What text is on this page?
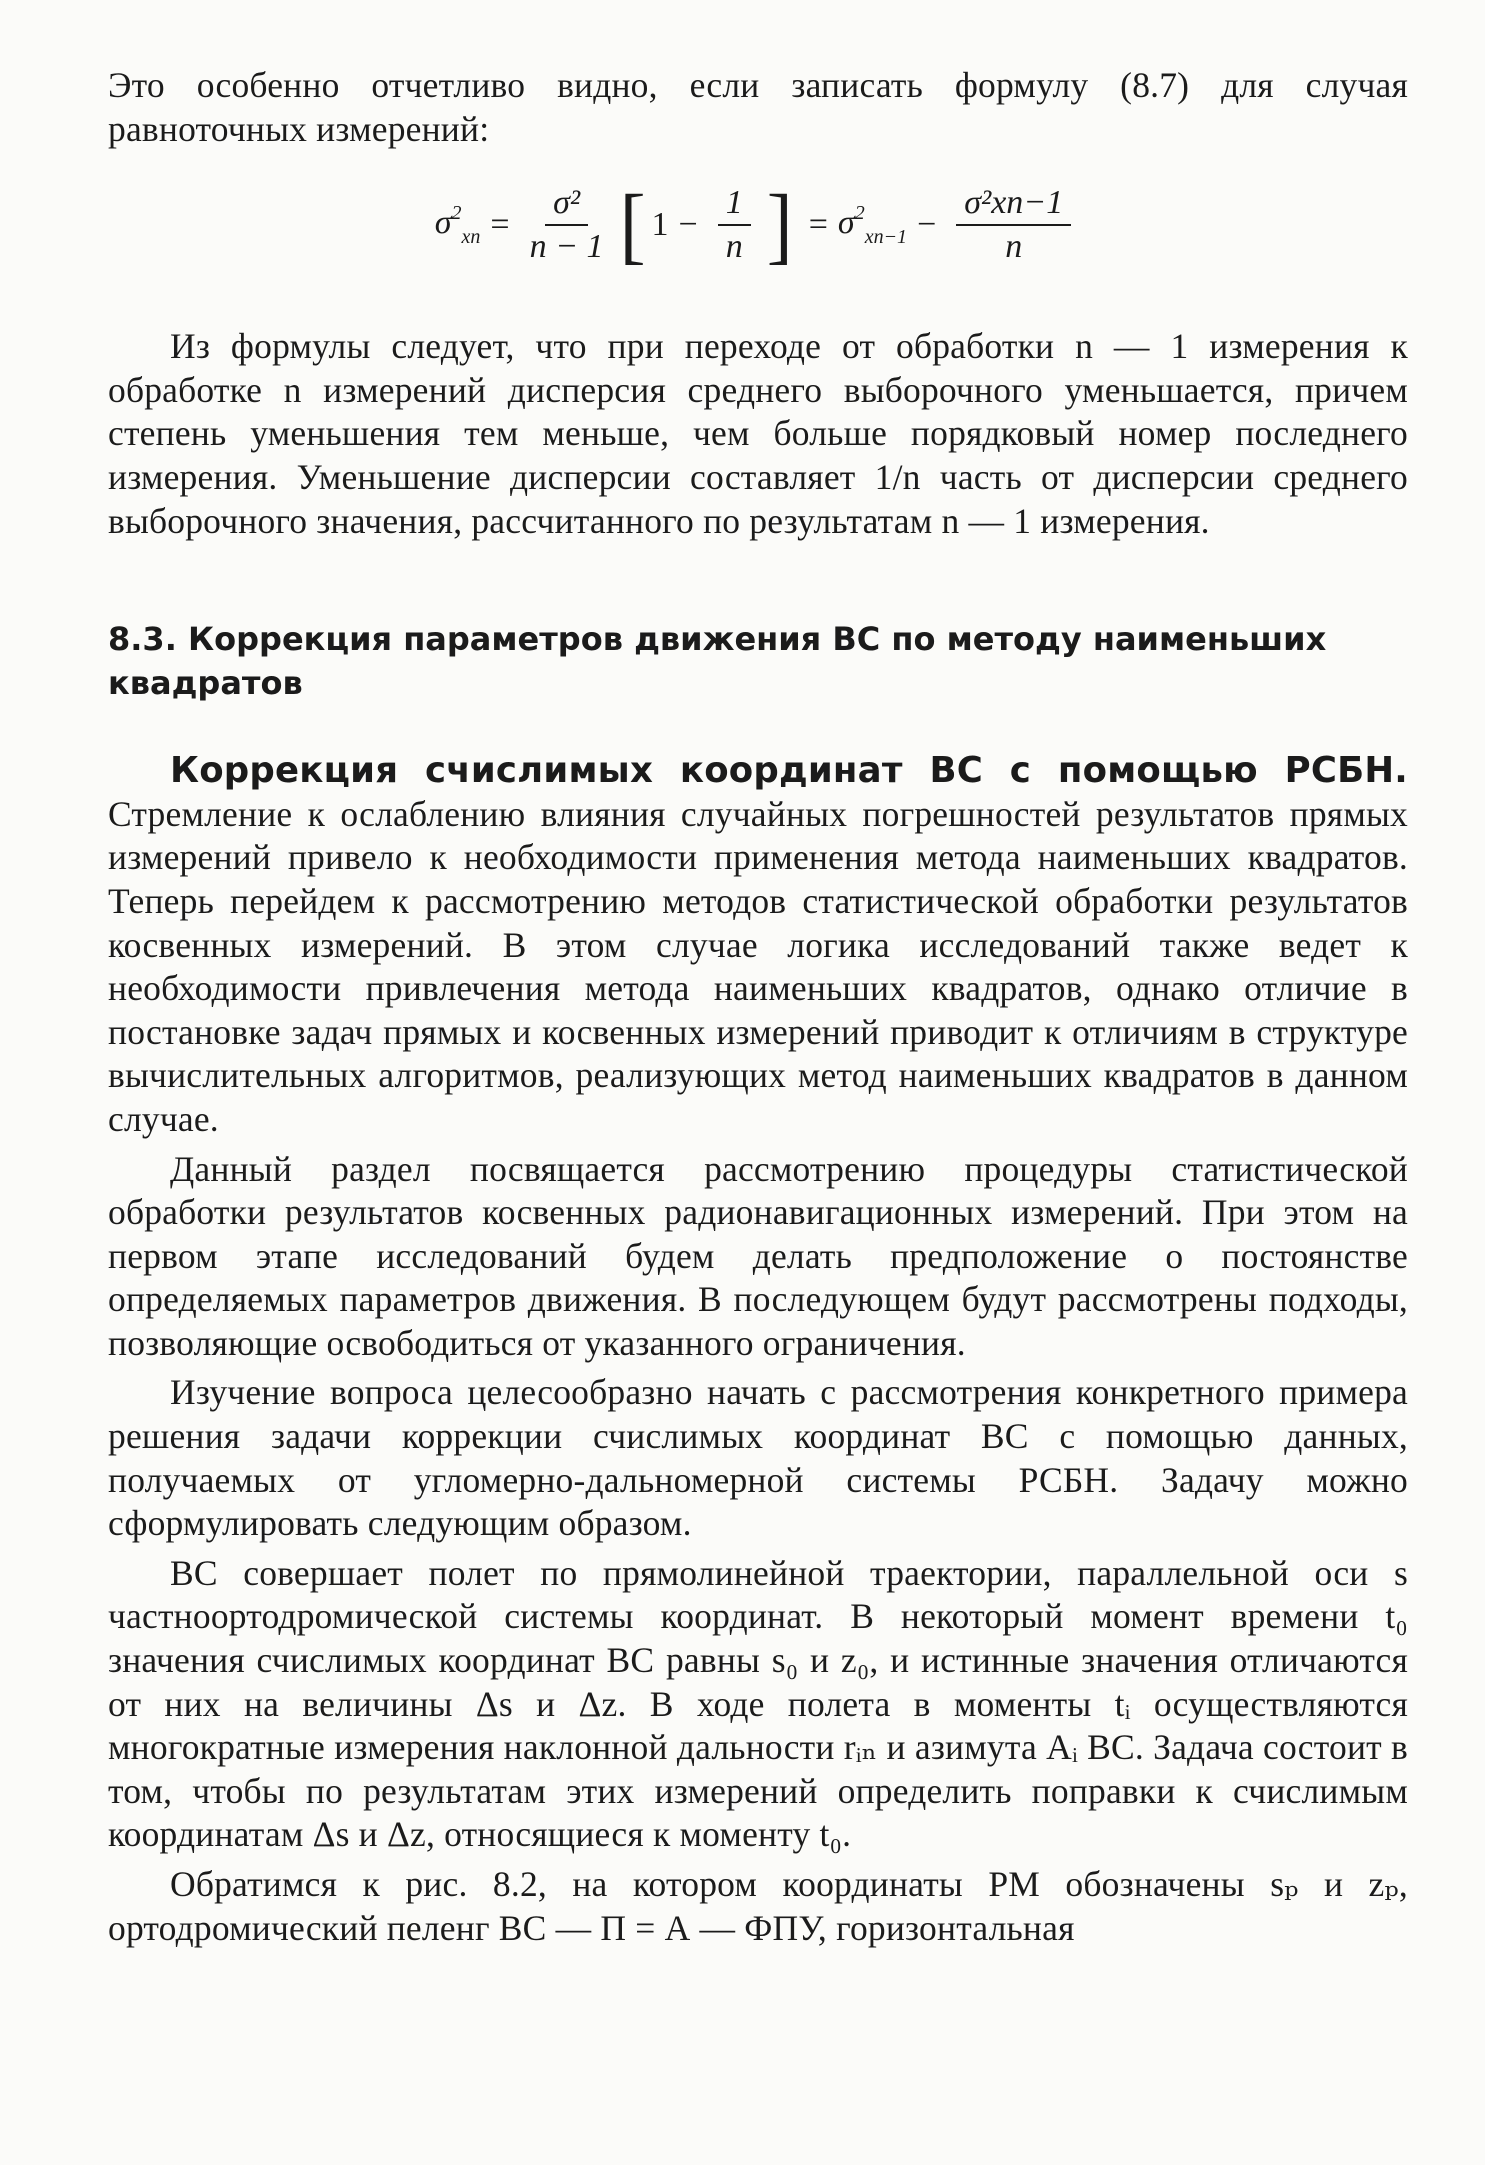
Это особенно отчетливо видно, если записать формулу (8.7) для случая равноточных измерений:

$\sigma^2_{xn} = \frac{\text{σ²}}{n - 1}$ [ $1 - \frac{1}{n}$ ] = $\sigma^2_{xn-1} - \frac{\text{σ²xn−1}}{n}$

Из формулы следует, что при переходе от обработки n — 1 измерения к обработке n измерений дисперсия среднего выборочного уменьшается, причем степень уменьшения тем меньше, чем больше порядковый номер последнего измерения. Уменьшение дисперсии составляет 1/n часть от дисперсии среднего выборочного значения, рассчитанного по результатам n — 1 измерения.

8.3. Коррекция параметров движения ВС по методу наименьших квадратов

Коррекция счислимых координат ВС с помощью РСБН. Стремление к ослаблению влияния случайных погрешностей результатов прямых измерений привело к необходимости применения метода наименьших квадратов. Теперь перейдем к рассмотрению методов статистической обработки результатов косвенных измерений. В этом случае логика исследований также ведет к необходимости привлечения метода наименьших квадратов, однако отличие в постановке задач прямых и косвенных измерений приводит к отличиям в структуре вычислительных алгоритмов, реализующих метод наименьших квадратов в данном случае.

Данный раздел посвящается рассмотрению процедуры статистической обработки результатов косвенных радионавигационных измерений. При этом на первом этапе исследований будем делать предположение о постоянстве определяемых параметров движения. В последующем будут рассмотрены подходы, позволяющие освободиться от указанного ограничения.

Изучение вопроса целесообразно начать с рассмотрения конкретного примера решения задачи коррекции счислимых координат ВС с помощью данных, получаемых от угломерно-дальномерной системы РСБН. Задачу можно сформулировать следующим образом.

ВС совершает полет по прямолинейной траектории, параллельной оси s частноортодромической системы координат. В некоторый момент времени t₀ значения счислимых координат ВС равны s₀ и z₀, и истинные значения отличаются от них на величины Δs и Δz. В ходе полета в моменты tᵢ осуществляются многократные измерения наклонной дальности rᵢₙ и азимута Aᵢ ВС. Задача состоит в том, чтобы по результатам этих измерений определить поправки к счислимым координатам Δs и Δz, относящиеся к моменту t₀.

Обратимся к рис. 8.2, на котором координаты РМ обозначены sₚ и zₚ, ортодромический пеленг ВС — П = А — ФПУ, горизонтальная
